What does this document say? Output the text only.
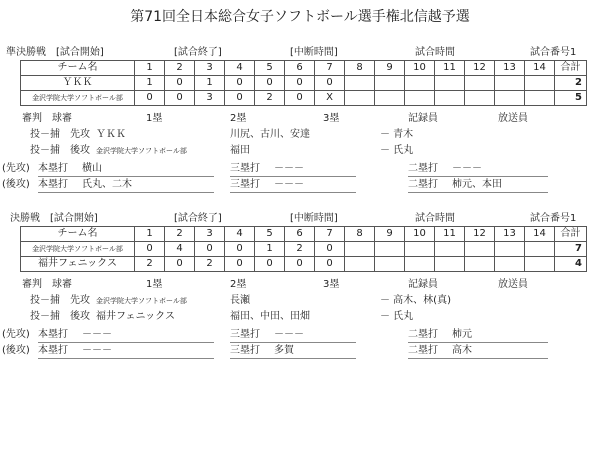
第71回全日本総合女子ソフトボール選手権北信越予選
準決勝戦　[試合開始]	[試合終了]	[中断時間]	試合時間	試合番号1
チーム名	1	2	3	4	5	6	7	8	9	10	11	12	13	14	合計
ＹＫＫ	1	0	1	0	0	0	0								2
金沢学院大学ソフトボール部	0	0	3	0	2	0	X								5
審判　球審	1塁	2塁	3塁	記録員	放送員
投－捕　先攻 ＹＫＫ	川尻、古川、安達	－ 青木
投－捕　後攻 金沢学院大学ソフトボール部	福田	－ 氏丸
(先攻) 本塁打 横山	三塁打 －－－	二塁打 －－－
(後攻) 本塁打 氏丸、二木	三塁打 －－－	二塁打 柿元、本田
決勝戦　[試合開始]	[試合終了]	[中断時間]	試合時間	試合番号1
チーム名	1	2	3	4	5	6	7	8	9	10	11	12	13	14	合計
金沢学院大学ソフトボール部	0	4	0	0	1	2	0								7
福井フェニックス	2	0	2	0	0	0	0								4
審判　球審	1塁	2塁	3塁	記録員	放送員
投－捕　先攻 金沢学院大学ソフトボール部	長瀬	－ 高木、林(真)
投－捕　後攻 福井フェニックス	福田、中田、田畑	－ 氏丸
(先攻) 本塁打 －－－	三塁打 －－－	二塁打 柿元
(後攻) 本塁打 －－－	三塁打 多賀	二塁打 高木
